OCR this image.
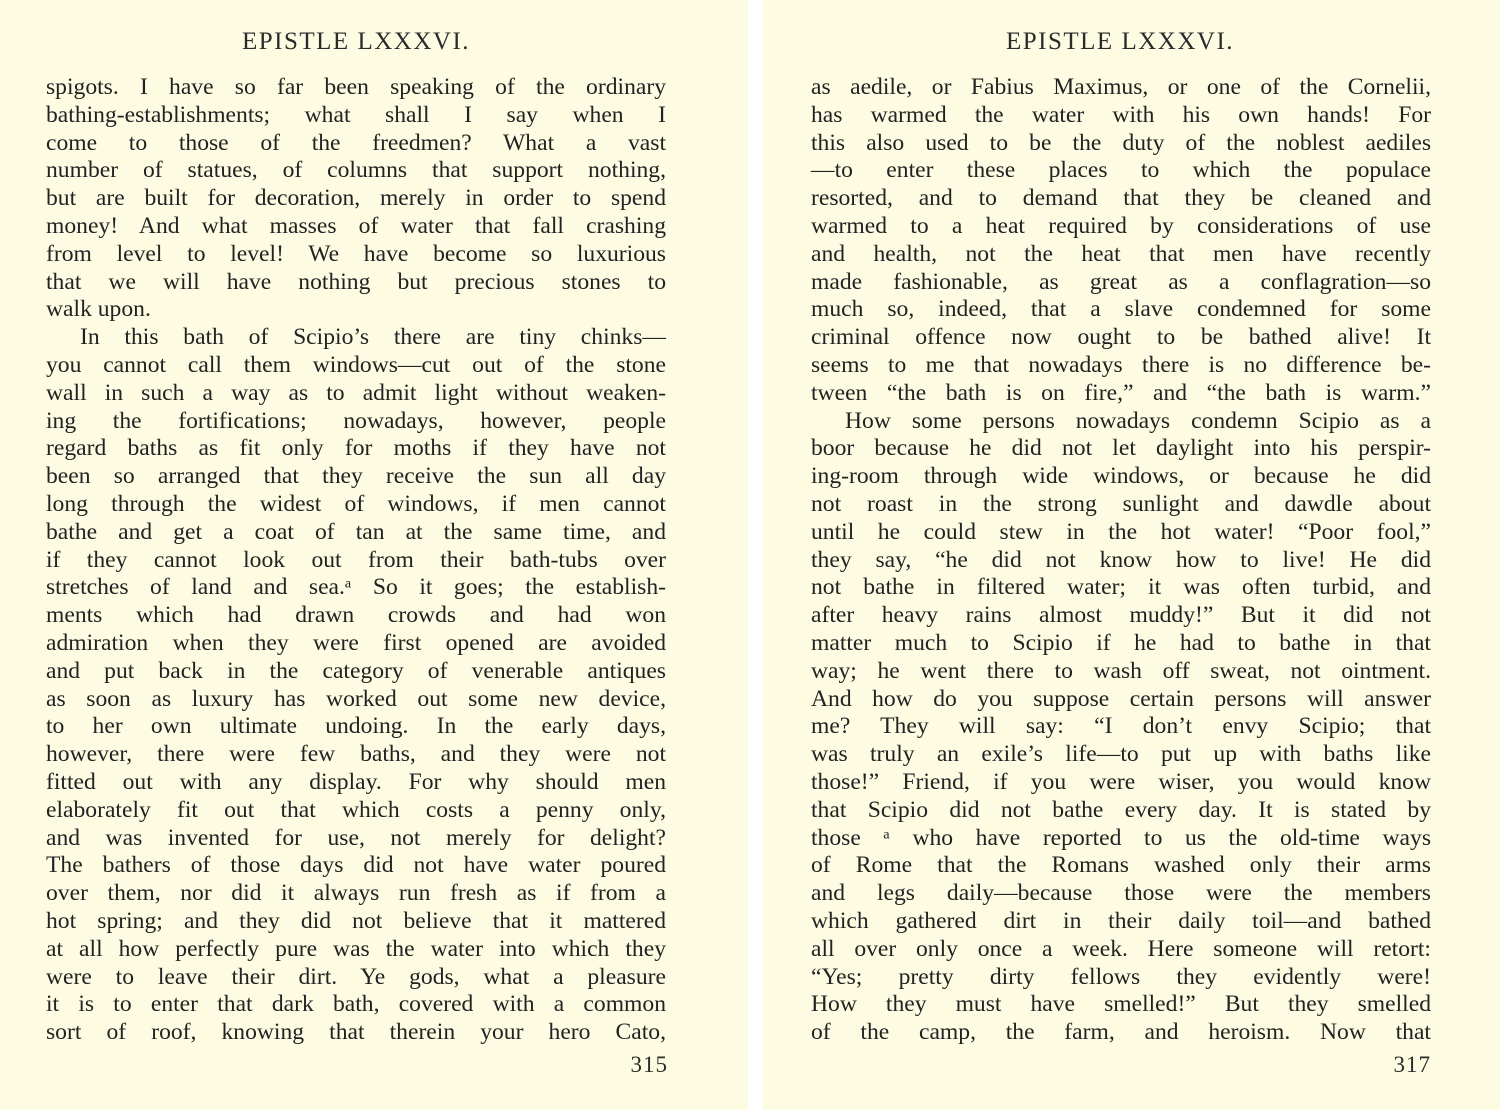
EPISTLE LXXXVI.
spigots. I have so far been speaking of the ordinary
bathing-establishments; what shall I say when I
come to those of the freedmen? What a vast
number of statues, of columns that support nothing,
but are built for decoration, merely in order to spend
money! And what masses of water that fall crashing
from level to level! We have become so luxurious
that we will have nothing but precious stones to
walk upon.
In this bath of Scipio’s there are tiny chinks—
you cannot call them windows—cut out of the stone
wall in such a way as to admit light without weaken-
ing the fortifications; nowadays, however, people
regard baths as fit only for moths if they have not
been so arranged that they receive the sun all day
long through the widest of windows, if men cannot
bathe and get a coat of tan at the same time, and
if they cannot look out from their bath-tubs over
stretches of land and sea.ᵃ So it goes; the establish-
ments which had drawn crowds and had won
admiration when they were first opened are avoided
and put back in the category of venerable antiques
as soon as luxury has worked out some new device,
to her own ultimate undoing. In the early days,
however, there were few baths, and they were not
fitted out with any display. For why should men
elaborately fit out that which costs a penny only,
and was invented for use, not merely for delight?
The bathers of those days did not have water poured
over them, nor did it always run fresh as if from a
hot spring; and they did not believe that it mattered
at all how perfectly pure was the water into which they
were to leave their dirt. Ye gods, what a pleasure
it is to enter that dark bath, covered with a common
sort of roof, knowing that therein your hero Cato,
315
EPISTLE LXXXVI.
as aedile, or Fabius Maximus, or one of the Cornelii,
has warmed the water with his own hands! For
this also used to be the duty of the noblest aediles
—to enter these places to which the populace
resorted, and to demand that they be cleaned and
warmed to a heat required by considerations of use
and health, not the heat that men have recently
made fashionable, as great as a conflagration—so
much so, indeed, that a slave condemned for some
criminal offence now ought to be bathed alive! It
seems to me that nowadays there is no difference be-
tween “the bath is on fire,” and “the bath is warm.”
How some persons nowadays condemn Scipio as a
boor because he did not let daylight into his perspir-
ing-room through wide windows, or because he did
not roast in the strong sunlight and dawdle about
until he could stew in the hot water! “Poor fool,”
they say, “he did not know how to live! He did
not bathe in filtered water; it was often turbid, and
after heavy rains almost muddy!” But it did not
matter much to Scipio if he had to bathe in that
way; he went there to wash off sweat, not ointment.
And how do you suppose certain persons will answer
me? They will say: “I don’t envy Scipio; that
was truly an exile’s life—to put up with baths like
those!” Friend, if you were wiser, you would know
that Scipio did not bathe every day. It is stated by
those ᵃ who have reported to us the old-time ways
of Rome that the Romans washed only their arms
and legs daily—because those were the members
which gathered dirt in their daily toil—and bathed
all over only once a week. Here someone will retort:
“Yes; pretty dirty fellows they evidently were!
How they must have smelled!” But they smelled
of the camp, the farm, and heroism. Now that
317
